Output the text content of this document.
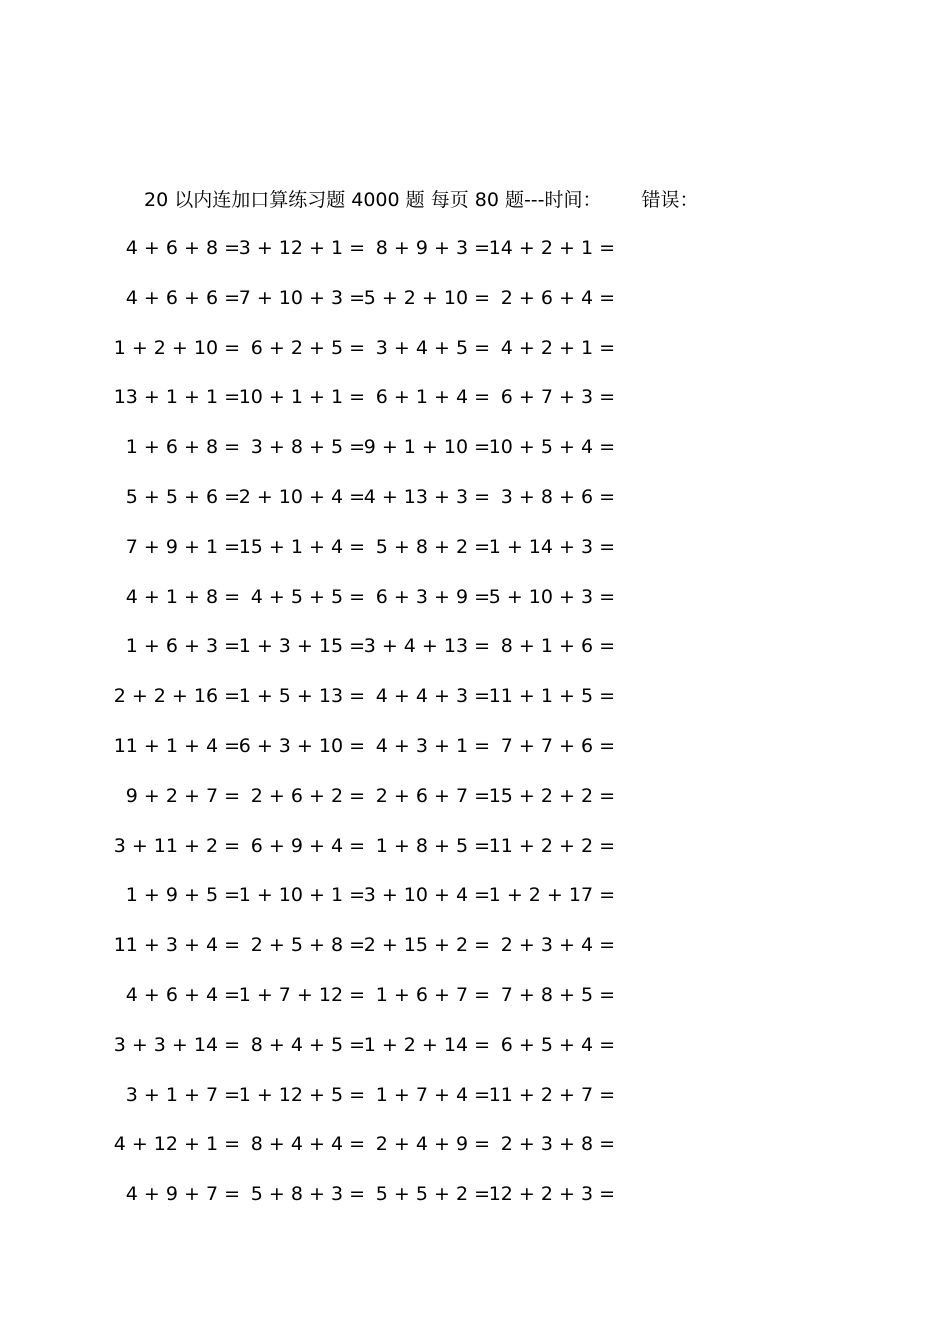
20 以内连加口算练习题 4000 题 每页 80 题---时间： 错误：
4 + 6 + 8 =
3 + 12 + 1 = 8 + 9 + 3 =
14 + 2 + 1 =
4 + 6 + 6 =
7 + 10 + 3 =
5 + 2 + 10 = 2 + 6 + 4 =
1 + 2 + 10 = 6 + 2 + 5 = 3 + 4 + 5 = 4 + 2 + 1 =
13 + 1 + 1 =
10 + 1 + 1 = 6 + 1 + 4 = 6 + 7 + 3 =
1 + 6 + 8 = 3 + 8 + 5 =
9 + 1 + 10 =
10 + 5 + 4 =
5 + 5 + 6 =
2 + 10 + 4 =
4 + 13 + 3 = 3 + 8 + 6 =
7 + 9 + 1 =
15 + 1 + 4 = 5 + 8 + 2 =
1 + 14 + 3 =
4 + 1 + 8 = 4 + 5 + 5 = 6 + 3 + 9 =
5 + 10 + 3 =
1 + 6 + 3 =
1 + 3 + 15 =
3 + 4 + 13 = 8 + 1 + 6 =
2 + 2 + 16 =
1 + 5 + 13 = 4 + 4 + 3 =
11 + 1 + 5 =
11 + 1 + 4 =
6 + 3 + 10 = 4 + 3 + 1 = 7 + 7 + 6 =
9 + 2 + 7 = 2 + 6 + 2 = 2 + 6 + 7 =
15 + 2 + 2 =
3 + 11 + 2 = 6 + 9 + 4 = 1 + 8 + 5 =
11 + 2 + 2 =
1 + 9 + 5 =
1 + 10 + 1 =
3 + 10 + 4 =
1 + 2 + 17 =
11 + 3 + 4 = 2 + 5 + 8 =
2 + 15 + 2 = 2 + 3 + 4 =
4 + 6 + 4 =
1 + 7 + 12 = 1 + 6 + 7 = 7 + 8 + 5 =
3 + 3 + 14 = 8 + 4 + 5 =
1 + 2 + 14 = 6 + 5 + 4 =
3 + 1 + 7 =
1 + 12 + 5 = 1 + 7 + 4 =
11 + 2 + 7 =
4 + 12 + 1 = 8 + 4 + 4 = 2 + 4 + 9 = 2 + 3 + 8 =
4 + 9 + 7 = 5 + 8 + 3 = 5 + 5 + 2 =
12 + 2 + 3 =
